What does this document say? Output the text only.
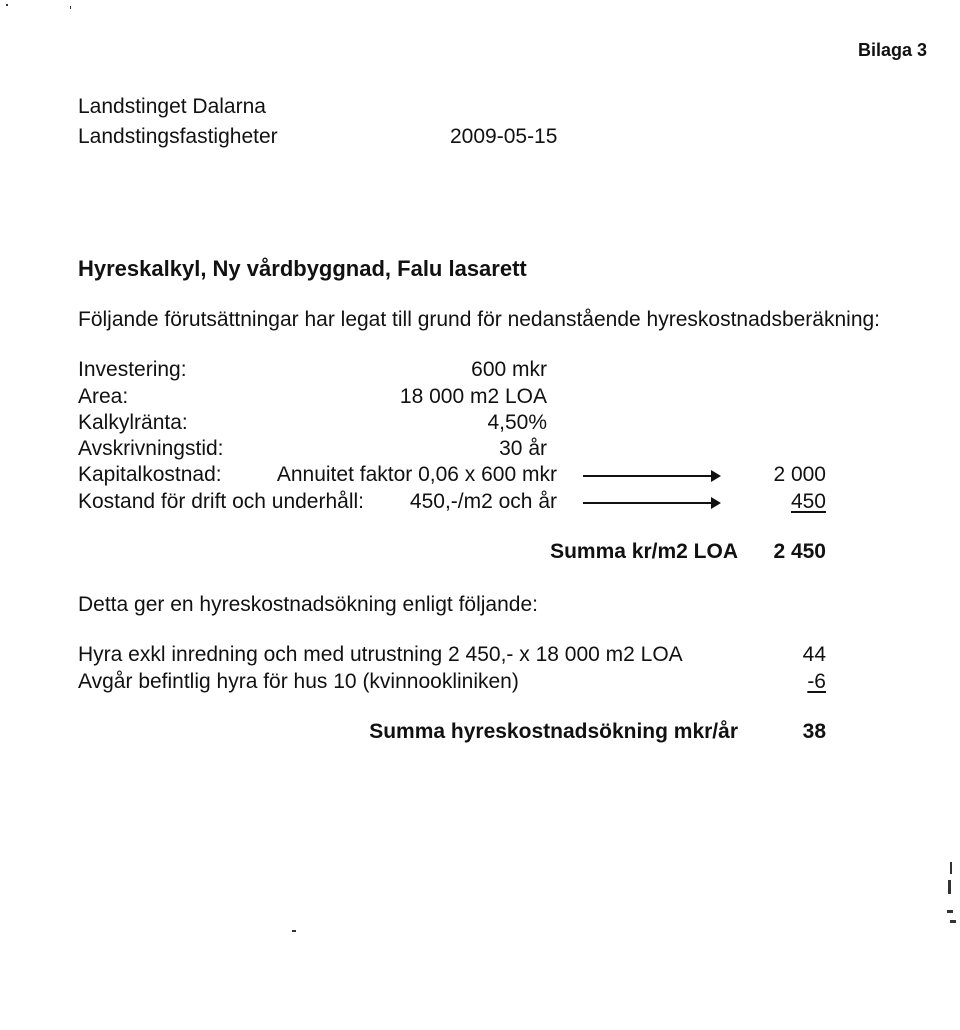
Bilaga 3
Landstinget Dalarna
Landstingsfastigheter	2009-05-15
Hyreskalkyl, Ny vårdbyggnad, Falu lasarett
Följande förutsättningar har legat till grund för nedanstående hyreskostnadsberäkning:
Investering:	600 mkr
Area:	18 000 m2 LOA
Kalkylränta:	4,50%
Avskrivningstid:	30 år
Kapitalkostnad:	Annuitet faktor 0,06 x 600 mkr	2 000
Kostand för drift och underhåll: 450,-/m2 och år	450
Summa kr/m2 LOA 2 450
Detta ger en hyreskostnadsökning enligt följande:
Hyra exkl inredning och med utrustning 2 450,- x 18 000 m2 LOA	44
Avgår befintlig hyra för hus 10 (kvinnookliniken)	-6
Summa hyreskostnadsökning mkr/år	38
